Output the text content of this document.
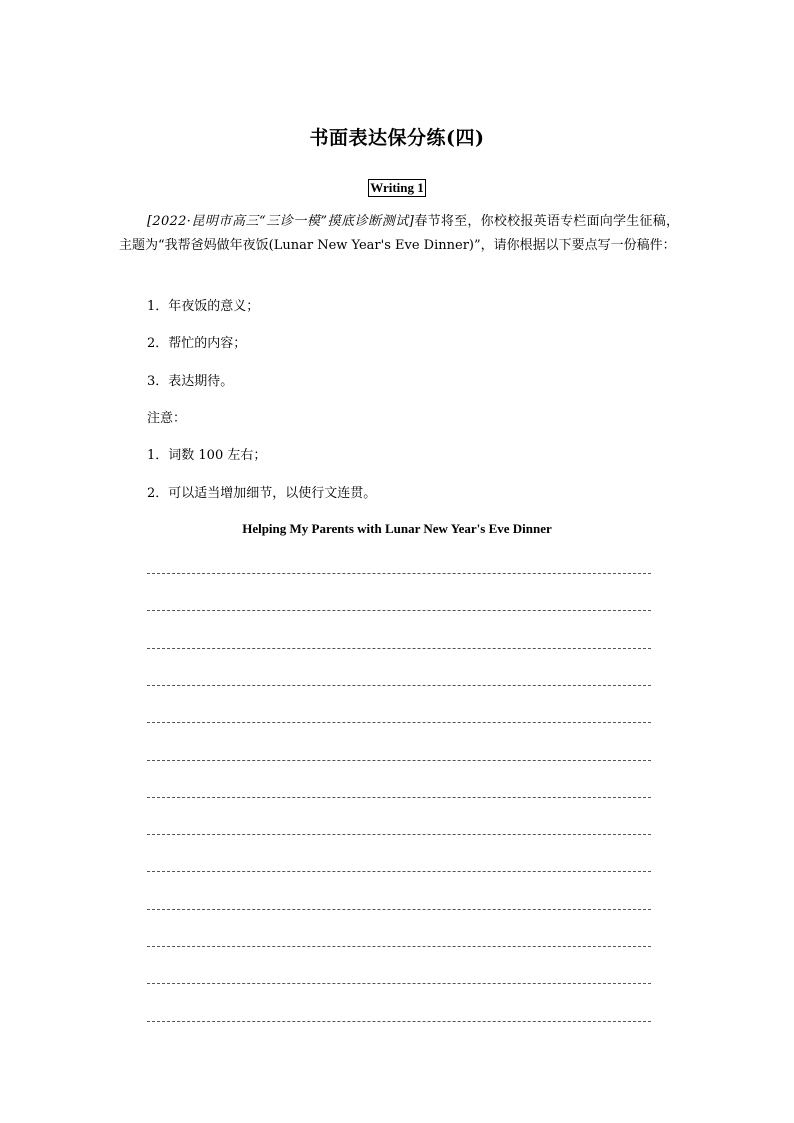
书面表达保分练(四)
Writing 1
[2022·昆明市高三“三诊一模”摸底诊断测试]春节将至，你校校报英语专栏面向学生征稿，主题为“我帮爸妈做年夜饭(Lunar New Year's Eve Dinner)”，请你根据以下要点写一份稿件：
1．年夜饭的意义；
2．帮忙的内容；
3．表达期待。
注意：
1．词数 100 左右；
2．可以适当增加细节，以使行文连贯。
Helping My Parents with Lunar New Year's Eve Dinner
